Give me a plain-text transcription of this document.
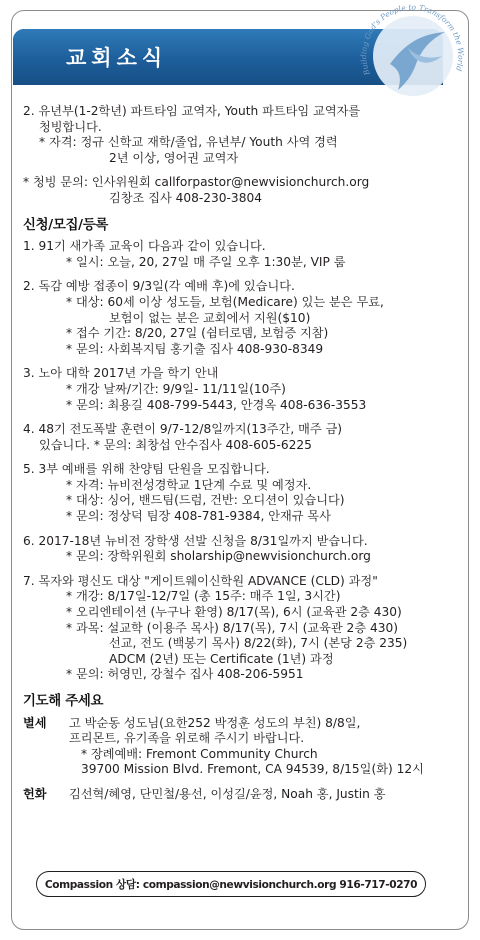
교회소식
Building God's People to Transform the World
2. 유년부(1-2학년) 파트타임 교역자, Youth 파트타임 교역자를
청빙합니다.
* 자격: 정규 신학교 재학/졸업, 유년부/ Youth 사역 경력
2년 이상, 영어권 교역자
* 청빙 문의: 인사위원회 callforpastor@newvisionchurch.org
김창조 집사 408-230-3804
신청/모집/등록
1. 91기 새가족 교육이 다음과 같이 있습니다.
* 일시: 오늘, 20, 27일 매 주일 오후 1:30분, VIP 룸
2. 독감 예방 접종이 9/3일(각 예배 후)에 있습니다.
* 대상: 60세 이상 성도들, 보험(Medicare) 있는 분은 무료,
보험이 없는 분은 교회에서 지원($10)
* 접수 기간: 8/20, 27일 (쉼터로뎀, 보험증 지참)
* 문의: 사회복지팀 홍기출 집사 408-930-8349
3. 노아 대학 2017년 가을 학기 안내
* 개강 날짜/기간: 9/9일- 11/11일(10주)
* 문의: 최용길 408-799-5443, 안경옥 408-636-3553
4. 48기 전도폭발 훈련이 9/7-12/8일까지(13주간, 매주 금)
있습니다. * 문의: 최창섭 안수집사 408-605-6225
5. 3부 예배를 위해 찬양팀 단원을 모집합니다.
* 자격: 뉴비전성경학교 1단계 수료 및 예정자.
* 대상: 싱어, 밴드팀(드럼, 건반: 오디션이 있습니다)
* 문의: 정상덕 팀장 408-781-9384, 안재규 목사
6. 2017-18년 뉴비전 장학생 선발 신청을 8/31일까지 받습니다.
* 문의: 장학위원회 sholarship@newvisionchurch.org
7. 목자와 평신도 대상 "게이트웨이신학원 ADVANCE (CLD) 과정"
* 개강: 8/17일-12/7일 (총 15주: 매주 1일, 3시간)
* 오리엔테이션 (누구나 환영) 8/17(목), 6시 (교육관 2층 430)
* 과목: 설교학 (이용주 목사) 8/17(목), 7시 (교육관 2층 430)
선교, 전도 (백봉기 목사) 8/22(화), 7시 (본당 2층 235)
ADCM (2년) 또는 Certificate (1년) 과정
* 문의: 허영민, 강철수 집사 408-206-5951
기도해 주세요
별세 고 박순동 성도님(요한252 박정훈 성도의 부친) 8/8일,
프리몬트, 유기족을 위로해 주시기 바랍니다.
* 장례예배: Fremont Community Church
39700 Mission Blvd. Fremont, CA 94539, 8/15일(화) 12시
헌화 김선혁/혜영, 단민철/용선, 이성길/윤정, Noah 홍, Justin 홍
Compassion 상담: compassion@newvisionchurch.org 916-717-0270
